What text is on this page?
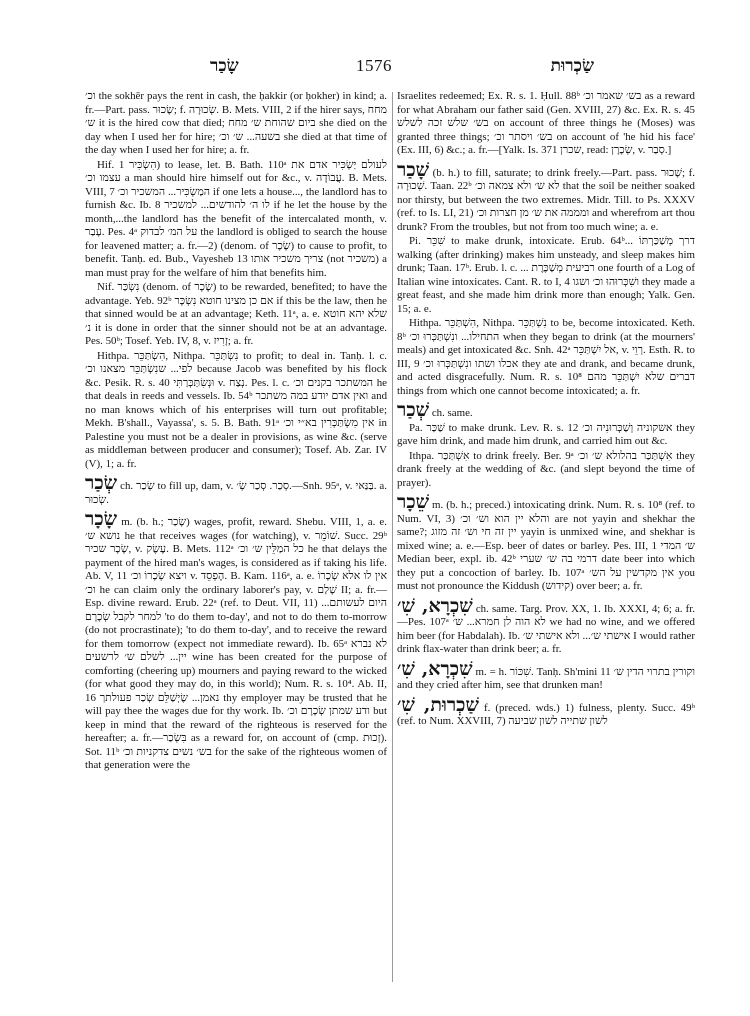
שָׂכַר	1576	שַׂכְרוּת

וכ׳ the sokhēr pays the rent in cash, the ḥakkir (or ḥokher) in kind; a. fr.—Part. pass. שָׂכוּר; f. שְׂכוּרָה. B. Mets. VIII, 2 if the hirer says, מחח ש׳ it is the hired cow that died; ביום שהוחת ש׳ מחח she died on the day when I used her for hire; בשעה... ש׳ וכ׳ she died at that time of the day when I used her for hire; a. fr.

Hif. הִשְׂכִּיר 1) to lease, let. B. Bath. 110ᵃ לעולם יַשְׂכִּיר אדם את עצמו וכ׳ a man should hire himself out for &c., v. עֲבוֹדָה. B. Mets. VIII, 7 המַשְׂכִּיר... המשכיר וכ׳ if one lets a house..., the landlord has to furnish &c. Ib. 8 לו ה׳ להודשים... למשכיר if he let the house by the month,...the landlord has the benefit of the intercalated month, v. עָבַר. Pes. 4ᵃ על המ׳ לבדוק the landlord is obliged to search the house for leavened matter; a. fr.—2) (denom. of שָׂכָר) to cause to profit, to benefit. Tanḥ. ed. Bub., Vayesheb 13 צריך משכיר אותו (not משכיר) a man must pray for the welfare of him that benefits him.

Nif. נִשְׂכַּר (denom. of שָׂכָר) to be rewarded, benefited; to have the advantage. Yeb. 92ᵇ אם כן מצינו חוטא נִשְׂכָּר if this be the law, then he that sinned would be at an advantage; Keth. 11ᵃ, a. e. שלא יהא חוטא נ׳ it is done in order that the sinner should not be at an advantage. Pes. 50ᵇ; Tosef. Yeb. IV, 8, v. זָרִיז; a. fr.

Hithpa. הִשְׂתַּכֵּר, Nithpa. נִשְׂתַּכֵּר to profit; to deal in. Tanḥ. l. c. לפי... שנִשְׂתַּכֵּר מצאנו וכ׳ because Jacob was benefited by his flock &c. Pesik. R. s. 40 וּנְשִׂתַּכְּרַתִּי v. נְצַח. Pes. l. c. המשתכר בקנים וכ׳ he that deals in reeds and vessels. Ib. 54ᵇ ואין אדם יודע במה משתכר and no man knows which of his enterprises will turn out profitable; Mekh. B'shall., Vayassa', s. 5. B. Bath. 91ᵃ אין מִשְׂתַּכְּרִין בא״י וכ׳ in Palestine you must not be a dealer in provisions, as wine &c. (serve as middleman between producer and consumer); Tosef. Ab. Zar. IV (V), 1; a. fr.

שְׂכַר ch. שְׂכַר to fill up, dam, v. סְכַר. סְכַר שְׂ׳.—Snh. 95ᵃ, v. בַּנַּאי. a. שְׂכוּר.

שָׂכָר m. (b. h.; שָׂכַר) wages, profit, reward. Shebu. VIII, 1, a. e. נושא ש׳ he that receives wages (for watching), v. שׁוֹמֵר. Succ. 29ᵇ שָׂכָר שכיר, v. עֶשֶׂק. B. Mets. 112ᵃ כל המַלֵּין ש׳ וכ׳ he that delays the payment of the hired man's wages, is considered as if taking his life. Ab. V, 11 ויצא שְׂכָרוֹ וכ׳ v. הֶפְסֵד. B. Kam. 116ᵃ, a. e. אין לו אלא שְׂכָרוֹ וכ׳ he can claim only the ordinary laborer's pay, v. שָׁלַם II; a. fr.—Esp. divine reward. Erub. 22ᵃ (ref. to Deut. VII, 11) היום לעשותם... למחר לקבל שְׂכָרָם 'to do them to-day', and not to do them to-morrow (do not procrastinate); 'to do them to-day', and to receive the reward for them tomorrow (expect not immediate reward). Ib. 65ᵃ לא נברא יין... לשלם ש׳ לרשעים wine has been created for the purpose of comforting (cheering up) mourners and paying reward to the wicked (for what good they may do, in this world); Num. R. s. 10⁴. Ab. II, 16 נאמן... שֶׂיְשַׁלֵּם שְׂכַר פעולתך thy employer may be trusted that he will pay thee the wages due for thy work. Ib. ודע שמתן שְׂכָרָם וכ׳ but keep in mind that the reward of the righteous is reserved for the hereafter; a. fr.—בִּשְׂכַר as a reward for, on account of (cmp. זְכוּת). Sot. 11ᵇ בש׳ נשים צדקניות וכ׳ for the sake of the righteous women of that generation were the

Israelites redeemed; Ex. R. s. 1. Ḥull. 88ᵇ בש׳ שאמר וכ׳ as a reward for what Abraham our father said (Gen. XVIII, 27) &c. Ex. R. s. 45 בש׳ שלש זכה לשלש on account of three things he (Moses) was granted three things; בש׳ ויסתר וכ׳ on account of 'he hid his face' (Ex. III, 6) &c.; a. fr.—[Yalk. Is. 371 שכרן, read: שְׂכָרָן, v. סְבַר.]

שָׁכַר (b. h.) to fill, saturate; to drink freely.—Part. pass. שָׁכוּר; f. שְׁכוּרָה. Taan. 22ᵇ לא ש׳ ולא צמאה וכ׳ that the soil be neither soaked nor thirsty, but between the two extremes. Midr. Till. to Ps. XXXV (ref. to Is. LI, 21) ומממה את ש׳ מן חצרות וכ׳ and wherefrom art thou drunk? From the troubles, but not from too much wine; a. e.

Pi. שִׁכֵּר to make drunk, intoxicate. Erub. 64ᵇ... דרך מְשַׁכַּרְתּוֹ walking (after drinking) makes him unsteady, and sleep makes him drunk; Taan. 17ᵇ. Erub. l. c. ... רביעית מְשַׁכֶּרֶת one fourth of a Log of Italian wine intoxicates. Cant. R. to I, 4 ושִׁכְּרוּהוּ וכ׳ ושגו they made a great feast, and she made him drink more than enough; Yalk. Gen. 15; a. e.

Hithpa. הִשְׁתַּכֵּר, Nithpa. נִשְׁתַּכֵּר to be, become intoxicated. Keth. 8ᵇ התחילו... ונִשְׁתַּכְּרוּ וכ׳ when they began to drink (at the mourners' meals) and get intoxicated &c. Snh. 42ᵃ אל יִשְׁתַּכֵּר, v. רְוֵי. Esth. R. to III, 9 אכלו ושתו ונִשְׁתַּכְּרוּ וכ׳ they ate and drank, and became drunk, and acted disgracefully. Num. R. s. 10⁸ דברים שלא יִשְׁתַּכֵּר מהם things from which one cannot become intoxicated; a. fr.

שְׁכַר ch. same.

Pa. שַׁכַּר to make drunk. Lev. R. s. 12 אשקוניה וְשַׁכְּרוּנִיה וכ׳ they gave him drink, and made him drunk, and carried him out &c.

Ithpa. אִשְׁתַּכַּר to drink freely. Ber. 9ᵃ אִשְׁתַּכַּר בהלולא ש׳ וכ׳ they drank freely at the wedding of &c. (and slept beyond the time of prayer).

שֵׁכָר m. (b. h.; preced.) intoxicating drink. Num. R. s. 10⁸ (ref. to Num. VI, 3) והלא יין הוא וש׳ וכ׳ are not yayin and shekhar the same?; יין זה חי וש׳ זה מזוג yayin is unmixed wine, and shekhar is mixed wine; a. e.—Esp. beer of dates or barley. Pes. III, 1 ש׳ המדי Median beer, expl. ib. 42ᵇ דרמי בה ש׳ שערי date beer into which they put a concoction of barley. Ib. 107ᵃ אין מקדשין על הש׳ you must not pronounce the Kiddush (קידוש) over beer; a. fr.

שִׁכְרָא, שִׁ׳ ch. same. Targ. Prov. XX, 1. Ib. XXXI, 4; 6; a. fr.—Pes. 107ᵃ לא הוה לן חמרא... ש׳ we had no wine, and we offered him beer (for Habdalah). Ib. אישתי ש׳... ולא אישתי ש׳ I would rather drink flax-water than drink beer; a. fr.

שִׁכְרָא, שִׁ׳ m. = h. שִׁכּוֹר. Tanḥ. Sh'mini 11 וקורין בתרוי הדין ש׳ and they cried after him, see that drunken man!

שַׁכְרוּת, שִׁ׳ f. (preced. wds.) 1) fulness, plenty. Succ. 49ᵇ (ref. to Num. XXVIII, 7) לשון שתייה לשון שביעה
